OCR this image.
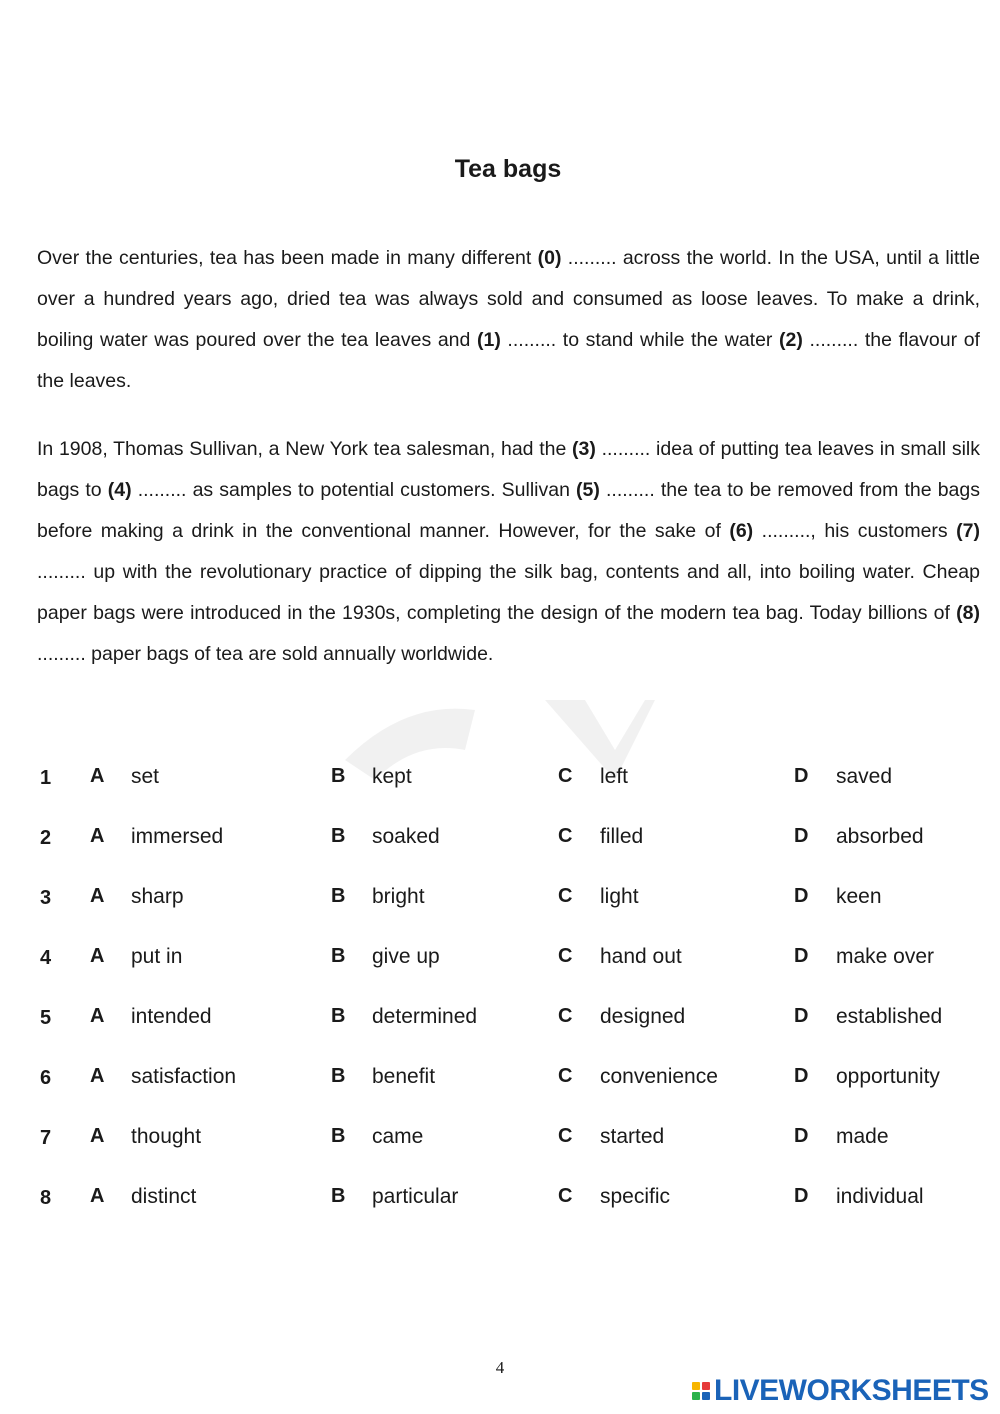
Tea bags

Over the centuries, tea has been made in many different (0) ......... across the world. In the USA, until a little over a hundred years ago, dried tea was always sold and consumed as loose leaves. To make a drink, boiling water was poured over the tea leaves and (1) ......... to stand while the water (2) ......... the flavour of the leaves.

In 1908, Thomas Sullivan, a New York tea salesman, had the (3) ......... idea of putting tea leaves in small silk bags to (4) ......... as samples to potential customers. Sullivan (5) ......... the tea to be removed from the bags before making a drink in the conventional manner. However, for the sake of (6) ........., his customers (7) ......... up with the revolutionary practice of dipping the silk bag, contents and all, into boiling water. Cheap paper bags were introduced in the 1930s, completing the design of the modern tea bag. Today billions of (8) ......... paper bags of tea are sold annually worldwide.

1 A set	B kept	C left	D saved
2 A immersed	B soaked	C filled	D absorbed
3 A sharp	B bright	C light	D keen
4 A put in	B give up	C hand out	D make over
5 A intended	B determined	C designed	D established
6 A satisfaction	B benefit	C convenience	D opportunity
7 A thought	B came	C started	D made
8 A distinct	B particular	C specific	D individual
4
LIVEWORKSHEETS
